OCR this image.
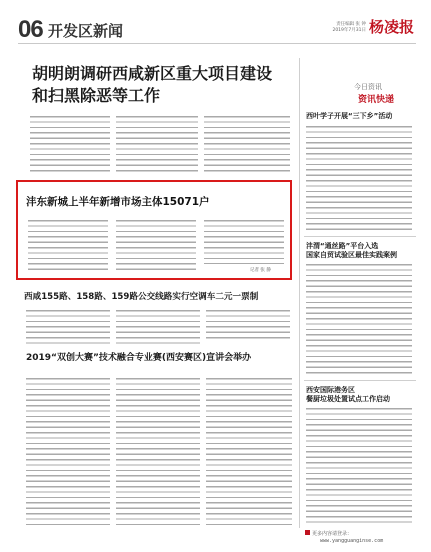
06 开发区新闻	责任编辑 张 钟
2019年7月31日 杨凌报
胡明朗调研西咸新区重大项目建设
和扫黑除恶等工作
沣东新城上半年新增市场主体15071户
记者 张 静
西咸155路、158路、159路公交线路实行空调车二元一票制
2019“双创大赛”技术融合专业赛(西安赛区)宣讲会举办
今日资讯
资讯快递
西叶学子开展“三下乡”活动
沣渭“通丝路”平台入选
国家自贸试验区最佳实践案例
西安国际港务区
餐厨垃圾处置试点工作启动
更多内容请登录：
www.yangguanginse.com
